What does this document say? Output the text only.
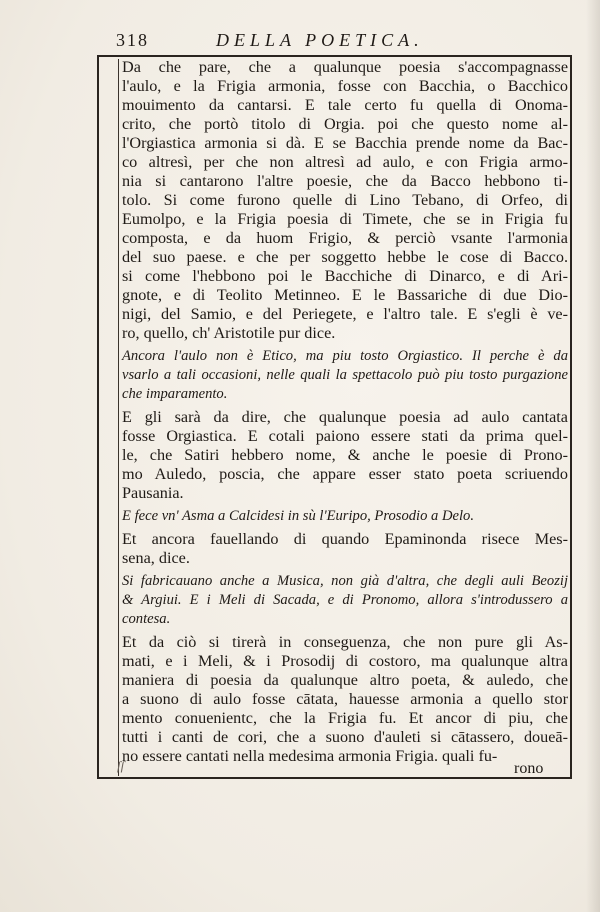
318	DELLA POETICA.
Da che pare, che a qualunque poesia s'accompagnasse
l'aulo, e la Frigia armonia, fosse con Bacchia, o Bacchico
mouimento da cantarsi. E tale certo fu quella di Onoma-
crito, che portò titolo di Orgia. poi che questo nome al-
l'Orgiastica armonia si dà. E se Bacchia prende nome da Bac-
co altresì, per che non altresì ad aulo, e con Frigia armo-
nia si cantarono l'altre poesie, che da Bacco hebbono ti-
tolo. Si come furono quelle di Lino Tebano, di Orfeo, di
Eumolpo, e la Frigia poesia di Timete, che se in Frigia fu
composta, e da huom Frigio, & perciò vsante l'armonia
del suo paese. e che per soggetto hebbe le cose di Bacco.
si come l'hebbono poi le Bacchiche di Dinarco, e di Ari-
gnote, e di Teolito Metinneo. E le Bassariche di due Dio-
nigi, del Samio, e del Periegete, e l'altro tale. E s'egli è ve-
ro, quello, ch' Aristotile pur dice.
Ancora l'aulo non è Etico, ma piu tosto Orgiastico. Il perche è da
vsarlo a tali occasioni, nelle quali la spettacolo può piu tosto purgazione
che imparamento.
E gli sarà da dire, che qualunque poesia ad aulo cantata
fosse Orgiastica. E cotali paiono essere stati da prima quel-
le, che Satiri hebbero nome, & anche le poesie di Prono-
mo Auledo, poscia, che appare esser stato poeta scriuendo
Pausania.
E fece vn' Asma a Calcidesi in sù l'Euripo, Prosodio a Delo.
Et ancora fauellando di quando Epaminonda risece Mes-
sena, dice.
Si fabricauano anche a Musica, non già d'altra, che degli auli Beozij
& Argiui. E i Meli di Sacada, e di Pronomo, allora s'introdussero a
contesa.
Et da ciò si tirerà in conseguenza, che non pure gli As-
mati, e i Meli, & i Prosodij di costoro, ma qualunque altra
maniera di poesia da qualunque altro poeta, & auledo, che
a suono di aulo fosse cātata, hauesse armonia a quello stor
mento conuenientc, che la Frigia fu. Et ancor di piu, che
tutti i canti de cori, che a suono d'auleti si cātassero, doueā-
no essere cantati nella medesima armonia Frigia. quali fu-
ſſ	rono
